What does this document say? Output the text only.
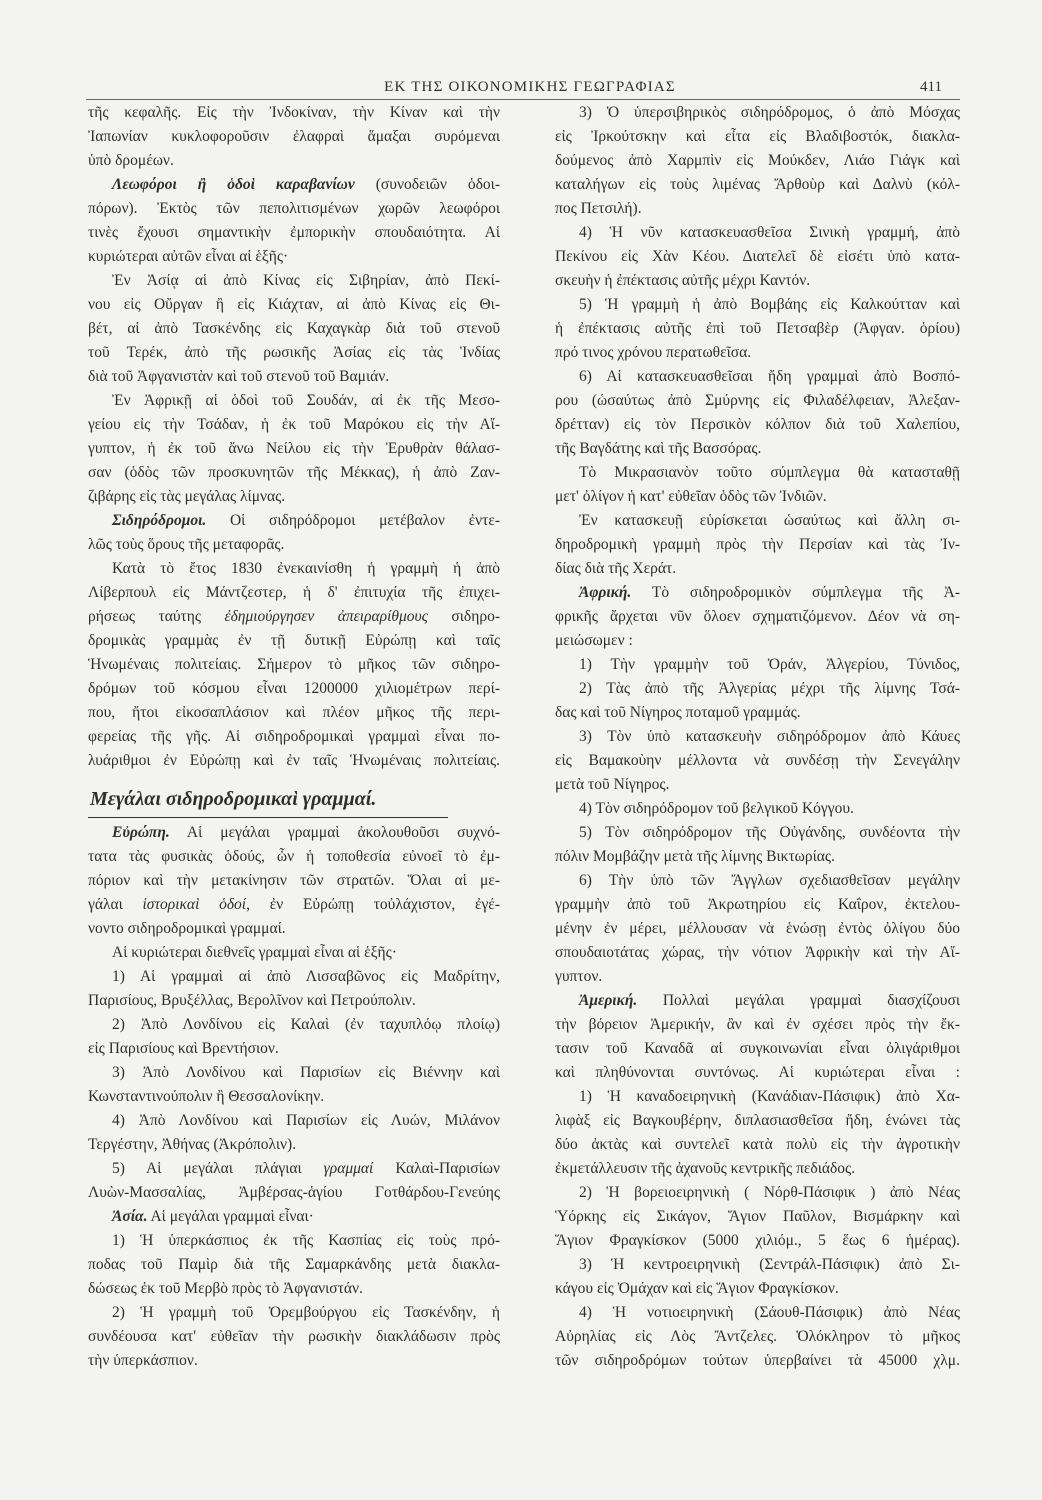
ΕΚ ΤΗΣ ΟΙΚΟΝΟΜΙΚΗΣ ΓΕΩΓΡΑΦΙΑΣ	411
τῆς κεφαλῆς. Εἰς τὴν Ἰνδοκίναν, τὴν Κίναν καὶ τὴν
Ἰαπωνίαν κυκλοφοροῦσιν ἐλαφραὶ ἅμαξαι συρόμεναι
ὑπὸ δρομέων.
Λεωφόροι ἢ ὁδοὶ καραβανίων (συνοδειῶν ὁδοι-
πόρων). Ἐκτὸς τῶν πεπολιτισμένων χωρῶν λεωφόροι
τινὲς ἔχουσι σημαντικὴν ἐμπορικὴν σπουδαιότητα. Αἱ
κυριώτεραι αὐτῶν εἶναι αἱ ἑξῆς·
Ἐν Ἀσίᾳ αἱ ἀπὸ Κίνας εἰς Σιβηρίαν, ἀπὸ Πεκί-
νου εἰς Οὔργαν ἢ εἰς Κιάχταν, αἱ ἀπὸ Κίνας εἰς Θι-
βέτ, αἱ ἀπὸ Τασκένδης εἰς Καχαγκὰρ διὰ τοῦ στενοῦ
τοῦ Τερέκ, ἀπὸ τῆς ρωσικῆς Ἀσίας εἰς τὰς Ἰνδίας
διὰ τοῦ Ἀφγανιστὰν καὶ τοῦ στενοῦ τοῦ Βαμιάν.
Ἐν Ἀφρικῇ αἱ ὁδοὶ τοῦ Σουδάν, αἱ ἐκ τῆς Μεσο-
γείου εἰς τὴν Τσάδαν, ἡ ἐκ τοῦ Μαρόκου εἰς τὴν Αἴ-
γυπτον, ἡ ἐκ τοῦ ἄνω Νείλου εἰς τὴν Ἐρυθρὰν θάλασ-
σαν (ὁδὸς τῶν προσκυνητῶν τῆς Μέκκας), ἡ ἀπὸ Ζαν-
ζιβάρης εἰς τὰς μεγάλας λίμνας.
Σιδηρόδρομοι. Οἱ σιδηρόδρομοι μετέβαλον ἐντε-
λῶς τοὺς ὅρους τῆς μεταφορᾶς.
Κατὰ τὸ ἔτος 1830 ἐνεκαινίσθη ἡ γραμμὴ ἡ ἀπὸ
Λίβερπουλ εἰς Μάντζεστερ, ἡ δ' ἐπιτυχία τῆς ἐπιχει-
ρήσεως ταύτης ἐδημιούργησεν ἀπειραρίθμους σιδηρο-
δρομικὰς γραμμὰς ἐν τῇ δυτικῇ Εὐρώπῃ καὶ ταῖς
Ἡνωμέναις πολιτείαις. Σήμερον τὸ μῆκος τῶν σιδηρο-
δρόμων τοῦ κόσμου εἶναι 1200000 χιλιομέτρων περί-
που, ἤτοι εἰκοσαπλάσιον καὶ πλέον μῆκος τῆς περι-
φερείας τῆς γῆς. Αἱ σιδηροδρομικαὶ γραμμαὶ εἶναι πο-
λυάριθμοι ἐν Εὐρώπῃ καὶ ἐν ταῖς Ἡνωμέναις πολιτείαις.
Μεγάλαι σιδηροδρομικαὶ γραμμαί.
Εὐρώπη. Αἱ μεγάλαι γραμμαὶ ἀκολουθοῦσι συχνό-
τατα τὰς φυσικὰς ὁδούς, ὧν ἡ τοποθεσία εὐνοεῖ τὸ ἐμ-
πόριον καὶ τὴν μετακίνησιν τῶν στρατῶν. Ὅλαι αἱ με-
γάλαι ἱστορικαὶ ὁδοί, ἐν Εὐρώπῃ τοὐλάχιστον, ἐγέ-
νοντο σιδηροδρομικαὶ γραμμαί.
Αἱ κυριώτεραι διεθνεῖς γραμμαὶ εἶναι αἱ ἑξῆς·
1) Αἱ γραμμαὶ αἱ ἀπὸ Λισσαβῶνος εἰς Μαδρίτην,
Παρισίους, Βρυξέλλας, Βερολῖνον καὶ Πετρούπολιν.
2) Ἀπὸ Λονδίνου εἰς Καλαὶ (ἐν ταχυπλόῳ πλοίῳ)
εἰς Παρισίους καὶ Βρεντήσιον.
3) Ἀπὸ Λονδίνου καὶ Παρισίων εἰς Βιέννην καὶ
Κωνσταντινούπολιν ἢ Θεσσαλονίκην.
4) Ἀπὸ Λονδίνου καὶ Παρισίων εἰς Λυών, Μιλάνον
Τεργέστην, Ἀθήνας (Ἀκρόπολιν).
5) Αἱ μεγάλαι πλάγιαι γραμμαί Καλαὶ-Παρισίων
Λυὼν-Μασσαλίας, Ἀμβέρσας-ἁγίου Γοτθάρδου-Γενεύης
Ἀσία. Αἱ μεγάλαι γραμμαὶ εἶναι·
1) Ἡ ὑπερκάσπιος ἐκ τῆς Κασπίας εἰς τοὺς πρό-
ποδας τοῦ Παμὶρ διὰ τῆς Σαμαρκάνδης μετὰ διακλα-
δώσεως ἐκ τοῦ Μερβὸ πρὸς τὸ Ἀφγανιστάν.
2) Ἡ γραμμὴ τοῦ Ὀρεμβούργου εἰς Τασκένδην, ἡ
συνδέουσα κατ' εὐθεῖαν τὴν ρωσικὴν διακλάδωσιν πρὸς
τὴν ὑπερκάσπιον.
3) Ὁ ὑπερσιβηρικὸς σιδηρόδρομος, ὁ ἀπὸ Μόσχας
εἰς Ἰρκούτσκην καὶ εἶτα εἰς Βλαδιβοστόκ, διακλα-
δούμενος ἀπὸ Χαρμπὶν εἰς Μούκδεν, Λιάο Γιάγκ καὶ
καταλήγων εἰς τοὺς λιμένας Ἄρθοὺρ καὶ Δαλνὺ (κόλ-
πος Πετσιλή).
4) Ἡ νῦν κατασκευασθεῖσα Σινικὴ γραμμή, ἀπὸ
Πεκίνου εἰς Χὰν Κέου. Διατελεῖ δὲ εἰσέτι ὑπὸ κατα-
σκευὴν ἡ ἐπέκτασις αὐτῆς μέχρι Καντόν.
5) Ἡ γραμμὴ ἡ ἀπὸ Βομβάης εἰς Καλκούτταν καὶ
ἡ ἐπέκτασις αὐτῆς ἐπὶ τοῦ Πετσαβὲρ (Ἀφγαν. ὁρίου)
πρό τινος χρόνου περατωθεῖσα.
6) Αἱ κατασκευασθεῖσαι ἤδη γραμμαὶ ἀπὸ Βοσπό-
ρου (ὡσαύτως ἀπὸ Σμύρνης εἰς Φιλαδέλφειαν, Ἀλεξαν-
δρέτταν) εἰς τὸν Περσικὸν κόλπον διὰ τοῦ Χαλεπίου,
τῆς Βαγδάτης καὶ τῆς Βασσόρας.
Τὸ Μικρασιανὸν τοῦτο σύμπλεγμα θὰ κατασταθῇ
μετ' ὀλίγον ἡ κατ' εὐθεῖαν ὁδὸς τῶν Ἰνδιῶν.
Ἐν κατασκευῇ εὑρίσκεται ὡσαύτως καὶ ἄλλη σι-
δηροδρομικὴ γραμμὴ πρὸς τὴν Περσίαν καὶ τὰς Ἰν-
δίας διὰ τῆς Χεράτ.
Ἀφρική. Τὸ σιδηροδρομικὸν σύμπλεγμα τῆς Ἀ-
φρικῆς ἄρχεται νῦν ὅλοεν σχηματιζόμενον. Δέον νὰ ση-
μειώσωμεν :
1) Τὴν γραμμὴν τοῦ Ὀράν, Ἀλγερίου, Τύνιδος,
2) Τὰς ἀπὸ τῆς Ἀλγερίας μέχρι τῆς λίμνης Τσά-
δας καὶ τοῦ Νίγηρος ποταμοῦ γραμμάς.
3) Τὸν ὑπὸ κατασκευὴν σιδηρόδρομον ἀπὸ Κάυες
εἰς Βαμακοὺην μέλλοντα νὰ συνδέσῃ τὴν Σενεγάλην
μετὰ τοῦ Νίγηρος.
4) Τὸν σιδηρόδρομον τοῦ βελγικοῦ Κόγγου.
5) Τὸν σιδηρόδρομον τῆς Οὐγάνδης, συνδέοντα τὴν
πόλιν Μομβάζην μετὰ τῆς λίμνης Βικτωρίας.
6) Τὴν ὑπὸ τῶν Ἄγγλων σχεδιασθεῖσαν μεγάλην
γραμμὴν ἀπὸ τοῦ Ἀκρωτηρίου εἰς Καΐρον, ἐκτελου-
μένην ἐν μέρει, μέλλουσαν νὰ ἑνώσῃ ἐντὸς ὀλίγου δύο
σπουδαιοτάτας χώρας, τὴν νότιον Ἀφρικὴν καὶ τὴν Αἴ-
γυπτον.
Ἀμερική. Πολλαὶ μεγάλαι γραμμαὶ διασχίζουσι
τὴν βόρειον Ἀμερικήν, ἂν καὶ ἐν σχέσει πρὸς τὴν ἔκ-
τασιν τοῦ Καναδᾶ αἱ συγκοινωνίαι εἶναι ὀλιγάριθμοι
καὶ πληθύνονται συντόνως. Αἱ κυριώτεραι εἶναι :
1) Ἡ καναδοειρηνικὴ (Κανάδιαν-Πάσιφικ) ἀπὸ Χα-
λιφὰξ εἰς Βαγκουβέρην, διπλασιασθεῖσα ἤδη, ἑνώνει τὰς
δύο ἀκτὰς καὶ συντελεῖ κατὰ πολὺ εἰς τὴν ἀγροτικὴν
ἐκμετάλλευσιν τῆς ἀχανοῦς κεντρικῆς πεδιάδος.
2) Ἡ βορειοειρηνικὴ ( Νόρθ-Πάσιφικ ) ἀπὸ Νέας
Ὑόρκης εἰς Σικάγον, Ἅγιον Παῦλον, Βισμάρκην καὶ
Ἅγιον Φραγκίσκον (5000 χιλιόμ., 5 ἕως 6 ἡμέρας).
3) Ἡ κεντροειρηνικὴ (Σεντράλ-Πάσιφικ) ἀπὸ Σι-
κάγου εἰς Ὀμάχαν καὶ εἰς Ἅγιον Φραγκίσκον.
4) Ἡ νοτιοειρηνικὴ (Σάουθ-Πάσιφικ) ἀπὸ Νέας
Αὐρηλίας εἰς Λὸς Ἄντζελες. Ὁλόκληρον τὸ μῆκος
τῶν σιδηροδρόμων τούτων ὑπερβαίνει τὰ 45000 χλμ.
